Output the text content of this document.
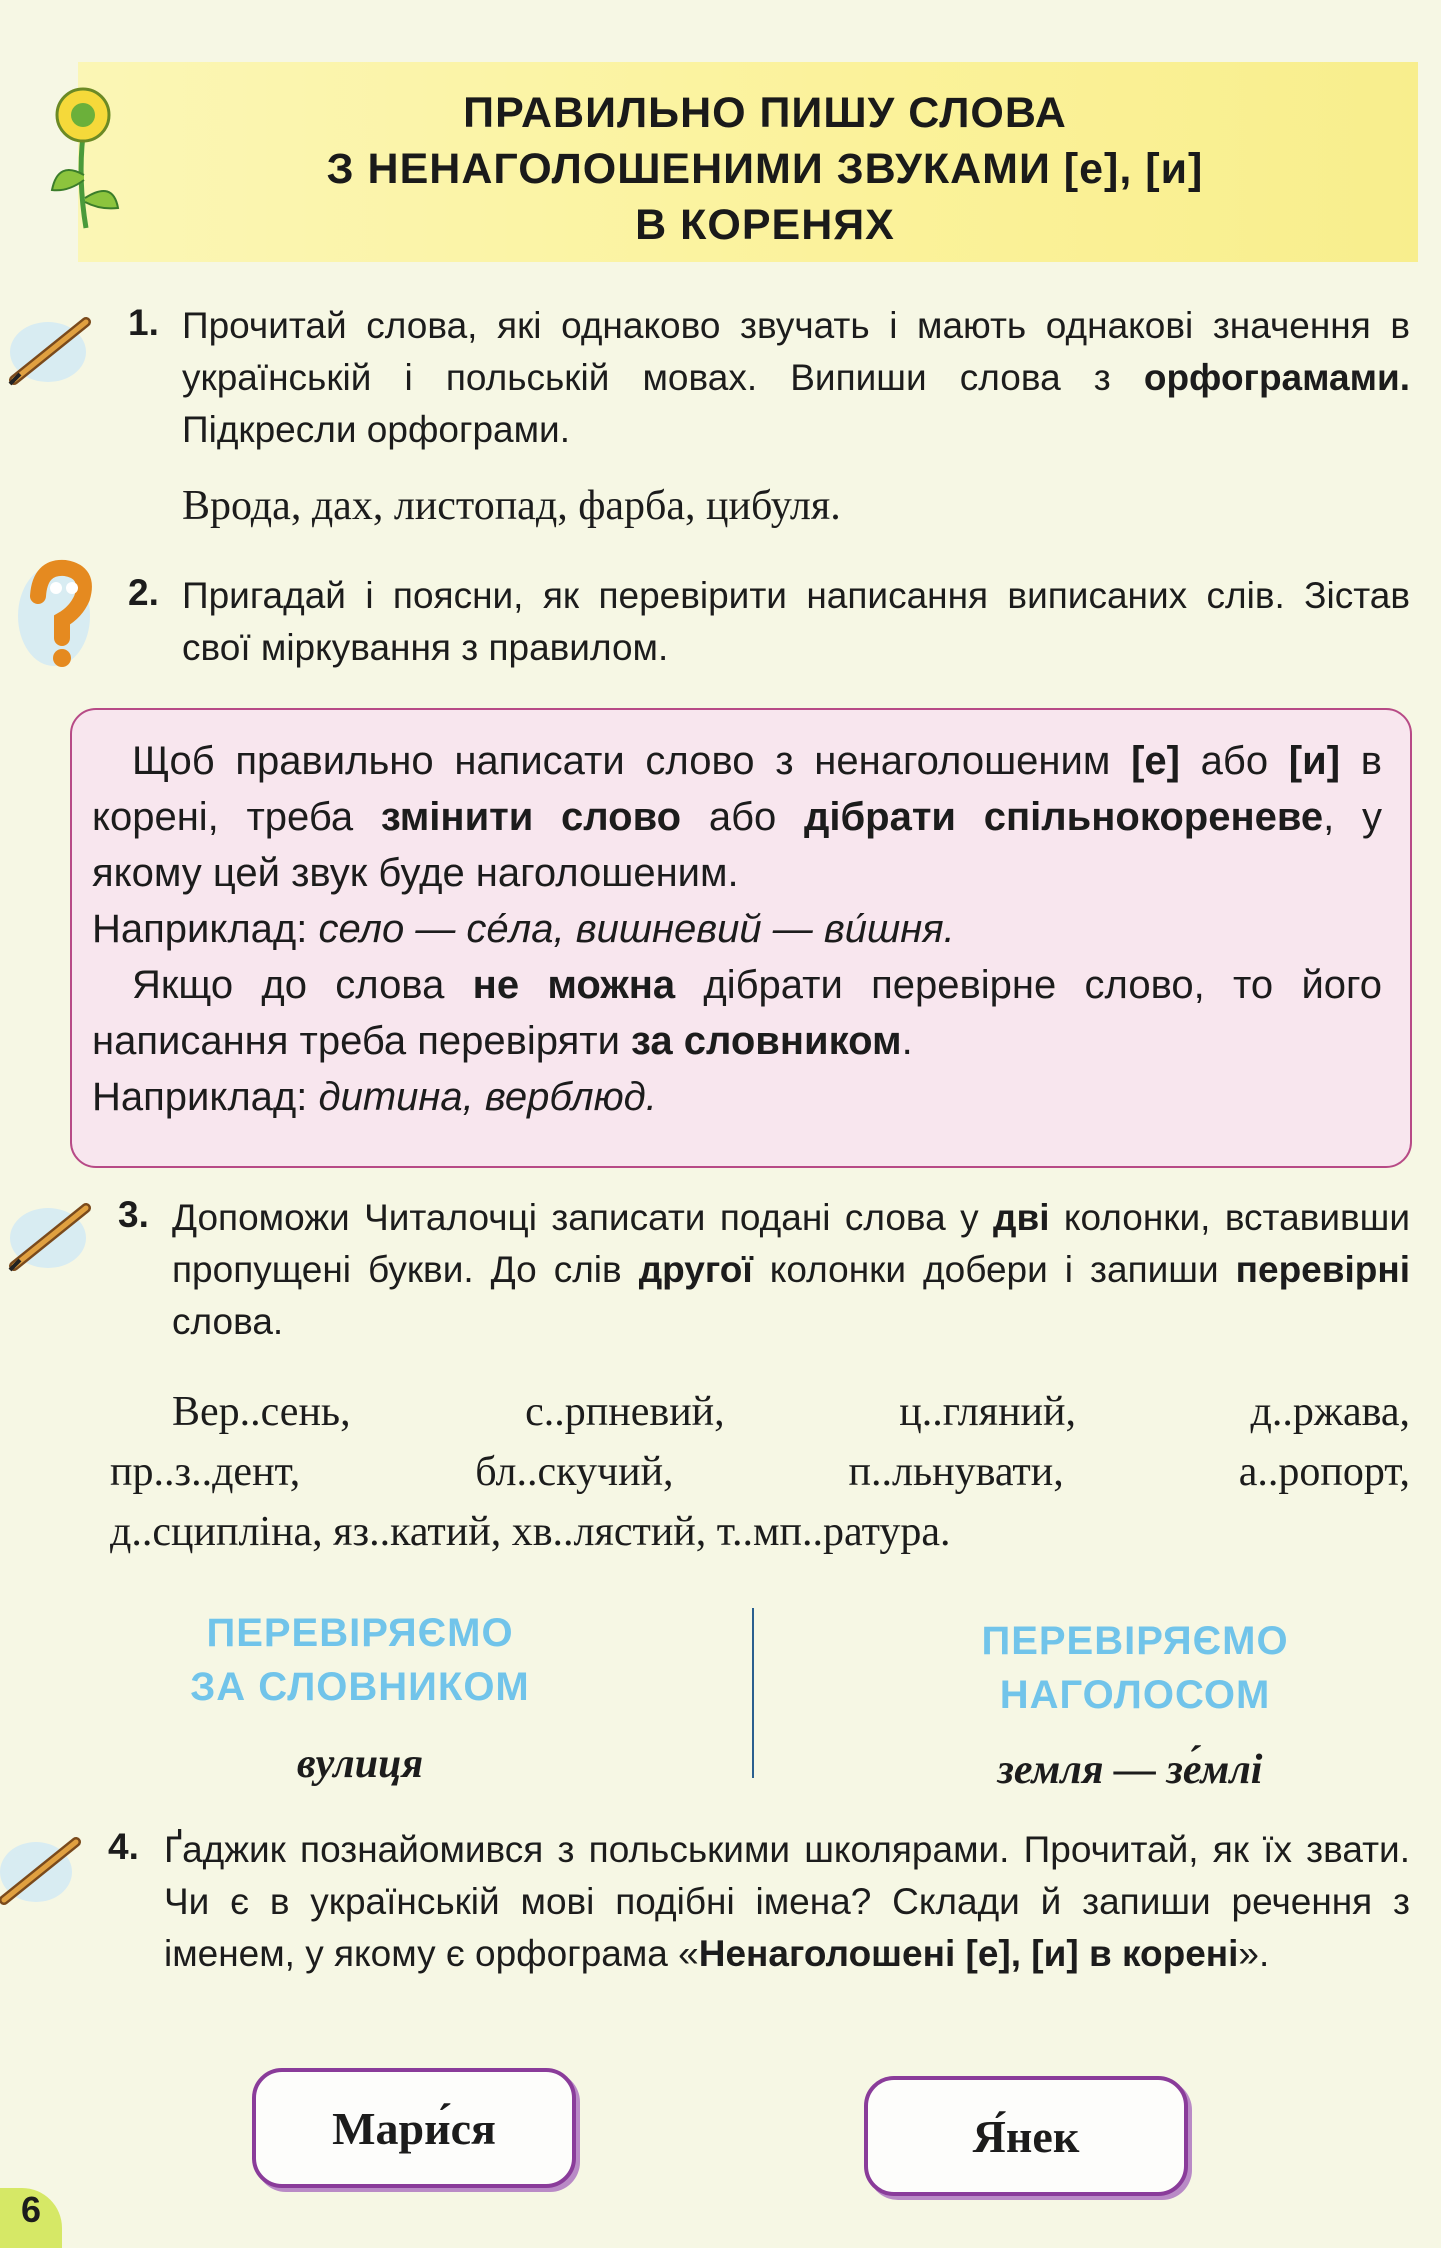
ПРАВИЛЬНО ПИШУ СЛОВА
З НЕНАГОЛОШЕНИМИ ЗВУКАМИ [е], [и]
В КОРЕНЯХ
1. Прочитай слова, які однаково звучать і мають однакові значення в українській і польській мовах. Випиши слова з орфограмами. Підкресли орфограми.
Врода, дах, листопад, фарба, цибуля.
2. Пригадай і поясни, як перевірити написання виписаних слів. Зістав свої міркування з правилом.
Щоб правильно написати слово з ненаголошеним [е] або [и] в корені, треба змінити слово або дібрати спільнокореневе, у якому цей звук буде наголошеним.
Наприклад: село — се́ла, вишневий — ви́шня.
Якщо до слова не можна дібрати перевірне слово, то його написання треба перевіряти за словником.
Наприклад: дитина, верблюд.
3. Допоможи Читалочці записати подані слова у дві колонки, вставивши пропущені букви. До слів другої колонки добери і запиши перевірні слова.
Вер..сень, с..рпневий, ц..гляний, д..ржава,
пр..з..дент, бл..скучий, п..льнувати, а..ропорт,
д..сципліна, яз..катий, хв..лястий, т..мп..ратура.
ПЕРЕВІРЯЄМО
ЗА СЛОВНИКОМ
ПЕРЕВІРЯЄМО
НАГОЛОСОМ
вулиця	земля — зе́млі
4. Ґаджик познайомився з польськими школярами. Прочитай, як їх звати. Чи є в українській мові подібні імена? Склади й запиши речення з іменем, у якому є орфограма «Ненаголошені [е], [и] в корені».
Мари́ся	Я́нек
6
